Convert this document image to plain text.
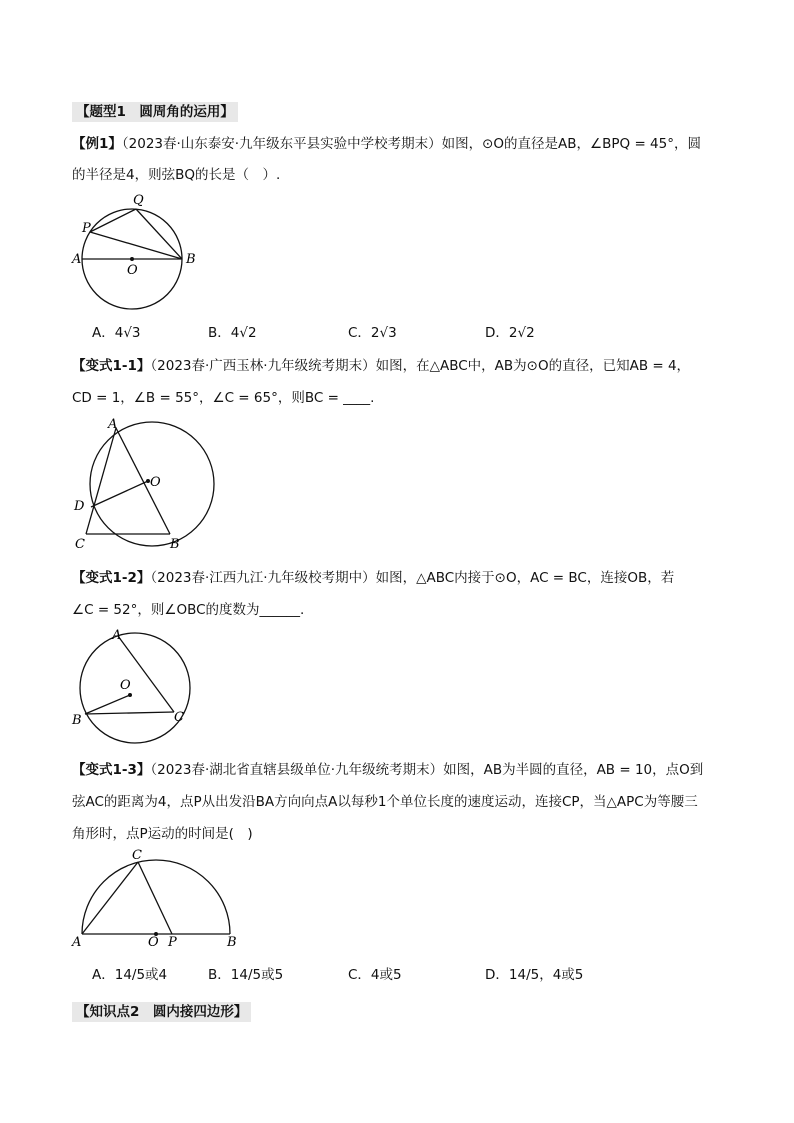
【题型1　圆周角的运用】
【例1】（2023春·山东泰安·九年级东平县实验中学校考期末）如图，⊙O的直径是AB，∠BPQ = 45°，圆
的半径是4，则弦BQ的长是（　）.
Q
P
A
O
B
A．4√3	B．4√2	C．2√3	D．2√2
【变式1-1】（2023春·广西玉林·九年级统考期末）如图，在△ABC中，AB为⊙O的直径，已知AB = 4，
CD = 1，∠B = 55°，∠C = 65°，则BC = ____.
A
O
D
C	B
【变式1-2】（2023春·江西九江·九年级校考期中）如图，△ABC内接于⊙O，AC = BC，连接OB，若
∠C = 52°，则∠OBC的度数为______.
A
O
B	C
【变式1-3】（2023春·湖北省直辖县级单位·九年级统考期末）如图，AB为半圆的直径，AB = 10，点O到
弦AC的距离为4，点P从出发沿BA方向向点A以每秒1个单位长度的速度运动，连接CP，当△APC为等腰三
角形时，点P运动的时间是(　)
C
A	O P	B
A．14/5或4	B．14/5或5	C．4或5	D．14/5，4或5
【知识点2　圆内接四边形】
